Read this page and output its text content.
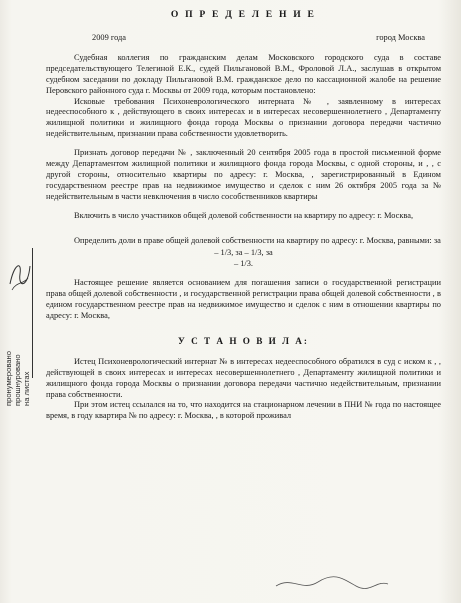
пронумеровано прошнуровано на листах
О П Р Е Д Е Л Е Н И Е
2009 года	город Москва

Судебная коллегия по гражданским делам Московского городского суда в составе председательствующего Телегиной Е.К., судей Пильгановой В.М., Фроловой Л.А., заслушав в открытом судебном заседании по докладу Пильгановой В.М. гражданское дело по кассационной жалобе на решение Перовского районного суда г. Москвы от 2009 года, которым постановлено:

Исковые требования Психоневрологического интерната № , заявленному в интересах недееспособного к , действующего в своих интересах и в интересах несовершеннолетнего , Департаменту жилищной политики и жилищного фонда города Москвы о признании договора передачи частично недействительным, признании права собственности удовлетворить.

Признать договор передачи № , заключенный 20 сентября 2005 года в простой письменной форме между Департаментом жилищной политики и жилищного фонда города Москвы, с одной стороны, и , , с другой стороны, относительно квартиры по адресу: г. Москва, , зарегистрированный в Едином государственном реестре прав на недвижимое имущество и сделок с ним 26 октября 2005 года за № недействительным в части невключения в число сособственников квартиры

Включить в число участников общей долевой собственности на квартиру по адресу: г. Москва,

Определить доли в праве общей долевой собственности на квартиру по адресу: г. Москва, равными: за

– 1/3, за – 1/3, за

– 1/3.

Настоящее решение является основанием для погашения записи о государственной регистрации права общей долевой собственности , и государственной регистрации права общей долевой собственности , в едином государственном реестре прав на недвижимое имущество и сделок с ним в отношении квартиры по адресу: г. Москва,

У С Т А Н О В И Л А:

Истец Психоневрологический интернат № в интересах недееспособного обратился в суд с иском к , , действующей в своих интересах и интересах несовершеннолетнего , Департаменту жилищной политики и жилищного фонда города Москвы о признании договора передачи частично недействительным, признании права собственности.

При этом истец ссылался на то, что находится на стационарном лечении в ПНИ № года по настоящее время, в году квартира № по адресу: г. Москва, , в которой проживал
